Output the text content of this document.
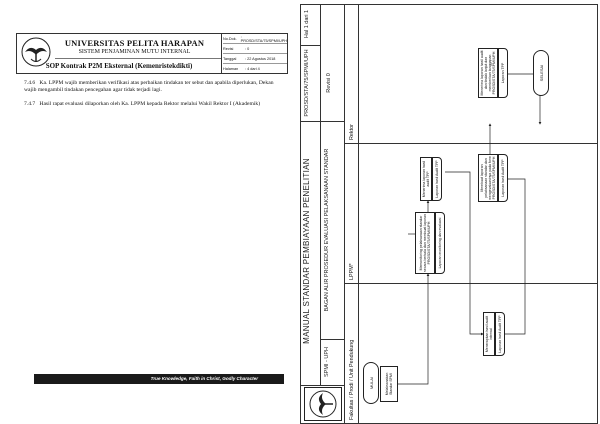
UNIVERSITAS PELITA HARAPAN
SISTEM PENJAMINAN MUTU INTERNAL
SOP Kontrak P2M Eksternal (Kemenristekdikti)
No.Dok.	: PROSD/STA/75/SPMI/UPH
Revisi	: 0
Tanggal	: 22 Agustus 2018
Halaman	: 4 dari 4
7.4.6 Ka. LPPM wajib memberikan verifikasi atas perbaikan tindakan ter sebut dan apabila diperlukan, Dekan wajib mengambil tindakan pencegahan agar tidak terjadi lagi.
7.4.7 Hasil rapat evaluasi dilaporkan oleh Ka. LPPM kepada Rektor melalui Wakil Rektor I (Akademik)
True Knowledge, Faith in Christ, Godly Character
MANUAL STANDAR PEMBIAYAAN PENELITIAN
SPMI - UPH
BAGAN ALIR PROSEDUR EVALUASI PELAKSANAAN STANDAR
PROSD/STA/75/SPMI/UPH
Hal 1 dari 1
Revisi 0
Fakultas / Prodi / Unit Pendukung
LPPM*
Rektor
MULAI	Melaksanakan Standar SPMI
Menerapkan hasil audit internal	Laporan hasil Audit TPP
Memonitoring pelaksanaan standar secara berkala dan membuat laporan PROSD/STA/75/SPMI/UPH	Laporan monitoring dan evaluasi
Menerima laporan hasil audit TPP	Laporan hasil Audit TPP	Membuat laporan pelaksanaan standar dan mengevaluasinya pada form PROSD/STA/75/SPMI/UPH	Laporan hasil Audit TPP
Menerima laporan hasil audit dan tindak lanjut dan memberikan tanggapan PROSD/STA/75/SPMI/UPH	Laporan TPP	SELESAI
